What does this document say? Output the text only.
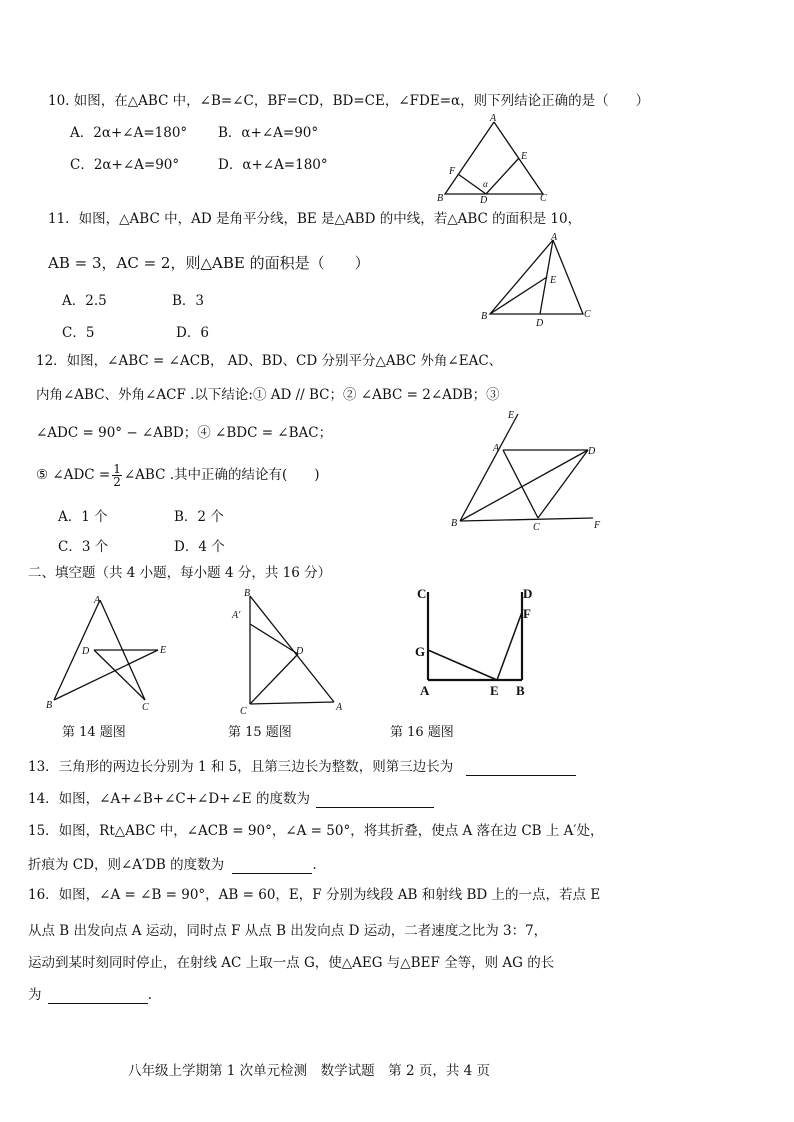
10. 如图，在△ABC 中，∠B=∠C，BF=CD，BD=CE，∠FDE=α，则下列结论正确的是（　　）
A．2α+∠A=180° B．α+∠A=90°
C．2α+∠A=90°	D．α+∠A=180°
A
F
E
B	D	C
α
11．如图，△ABC 中，AD 是角平分线，BE 是△ABD 的中线，若△ABC 的面积是 10，
AB = 3，AC = 2，则△ABE 的面积是（　　）
A．2.5	B．3
C．5	D．6
A
E
B
D
C
12．如图，∠ABC = ∠ACB， AD、BD、CD 分别平分△ABC 外角∠EAC、
内角∠ABC、外角∠ACF .以下结论:① AD // BC；② ∠ABC = 2∠ADB；③
∠ADC = 90° − ∠ABD；④ ∠BDC = ∠BAC；
⑤ ∠ADC = $\frac{1}{2}$ ∠ABC .其中正确的结论有(　　)
A．1 个	B．2 个
C．3 个	D．4 个
E
A	D
B	C	F
二、填空题（共 4 小题，每小题 4 分，共 16 分）
A
D	E
B	C
B
A′
D
C	A
C	D
F
G
A	E B
第 14 题图	第 15 题图	第 16 题图
13．三角形的两边长分别为 1 和 5，且第三边长为整数，则第三边长为
14．如图，∠A+∠B+∠C+∠D+∠E 的度数为
15．如图，Rt△ABC 中，∠ACB = 90°，∠A = 50°，将其折叠，使点 A 落在边 CB 上 A′处，
折痕为 CD，则∠A′DB 的度数为	.
16．如图，∠A = ∠B = 90°，AB = 60，E，F 分别为线段 AB 和射线 BD 上的一点，若点 E
从点 B 出发向点 A 运动，同时点 F 从点 B 出发向点 D 运动，二者速度之比为 3：7，
运动到某时刻同时停止，在射线 AC 上取一点 G，使△AEG 与△BEF 全等，则 AG 的长
为	.
八年级上学期第 1 次单元检测　数学试题　第 2 页，共 4 页
